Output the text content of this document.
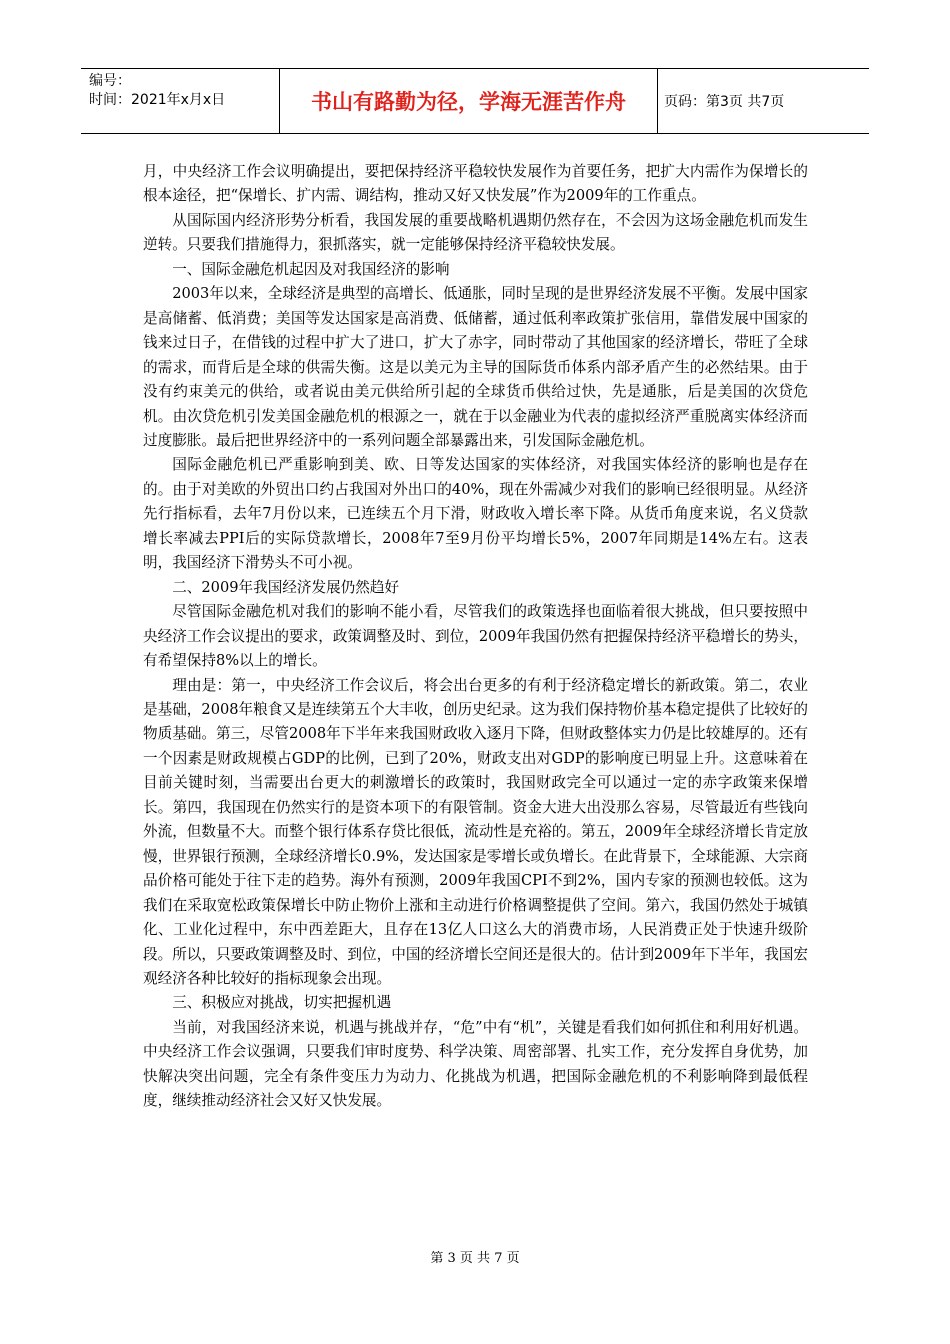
编号：
时间：2021年x月x日	书山有路勤为径，学海无涯苦作舟	页码：第3页 共7页

月，中央经济工作会议明确提出，要把保持经济平稳较快发展作为首要任务，把扩大内需作为保增长的根本途径，把“保增长、扩内需、调结构，推动又好又快发展”作为2009年的工作重点。

从国际国内经济形势分析看，我国发展的重要战略机遇期仍然存在，不会因为这场金融危机而发生逆转。只要我们措施得力，狠抓落实，就一定能够保持经济平稳较快发展。

一、国际金融危机起因及对我国经济的影响

2003年以来，全球经济是典型的高增长、低通胀，同时呈现的是世界经济发展不平衡。发展中国家是高储蓄、低消费；美国等发达国家是高消费、低储蓄，通过低利率政策扩张信用，靠借发展中国家的钱来过日子，在借钱的过程中扩大了进口，扩大了赤字，同时带动了其他国家的经济增长，带旺了全球的需求，而背后是全球的供需失衡。这是以美元为主导的国际货币体系内部矛盾产生的必然结果。由于没有约束美元的供给，或者说由美元供给所引起的全球货币供给过快，先是通胀，后是美国的次贷危机。由次贷危机引发美国金融危机的根源之一，就在于以金融业为代表的虚拟经济严重脱离实体经济而过度膨胀。最后把世界经济中的一系列问题全部暴露出来，引发国际金融危机。

国际金融危机已严重影响到美、欧、日等发达国家的实体经济，对我国实体经济的影响也是存在的。由于对美欧的外贸出口约占我国对外出口的40%，现在外需减少对我们的影响已经很明显。从经济先行指标看，去年7月份以来，已连续五个月下滑，财政收入增长率下降。从货币角度来说，名义贷款增长率减去PPI后的实际贷款增长，2008年7至9月份平均增长5%，2007年同期是14%左右。这表明，我国经济下滑势头不可小视。

二、2009年我国经济发展仍然趋好

尽管国际金融危机对我们的影响不能小看，尽管我们的政策选择也面临着很大挑战，但只要按照中央经济工作会议提出的要求，政策调整及时、到位，2009年我国仍然有把握保持经济平稳增长的势头，有希望保持8%以上的增长。

理由是：第一，中央经济工作会议后，将会出台更多的有利于经济稳定增长的新政策。第二，农业是基础，2008年粮食又是连续第五个大丰收，创历史纪录。这为我们保持物价基本稳定提供了比较好的物质基础。第三，尽管2008年下半年来我国财政收入逐月下降，但财政整体实力仍是比较雄厚的。还有一个因素是财政规模占GDP的比例，已到了20%，财政支出对GDP的影响度已明显上升。这意味着在目前关键时刻，当需要出台更大的刺激增长的政策时，我国财政完全可以通过一定的赤字政策来保增长。第四，我国现在仍然实行的是资本项下的有限管制。资金大进大出没那么容易，尽管最近有些钱向外流，但数量不大。而整个银行体系存贷比很低，流动性是充裕的。第五，2009年全球经济增长肯定放慢，世界银行预测，全球经济增长0.9%，发达国家是零增长或负增长。在此背景下，全球能源、大宗商品价格可能处于往下走的趋势。海外有预测，2009年我国CPI不到2%，国内专家的预测也较低。这为我们在采取宽松政策保增长中防止物价上涨和主动进行价格调整提供了空间。第六，我国仍然处于城镇化、工业化过程中，东中西差距大，且存在13亿人口这么大的消费市场，人民消费正处于快速升级阶段。所以，只要政策调整及时、到位，中国的经济增长空间还是很大的。估计到2009年下半年，我国宏观经济各种比较好的指标现象会出现。

三、积极应对挑战，切实把握机遇

当前，对我国经济来说，机遇与挑战并存，“危”中有“机”，关键是看我们如何抓住和利用好机遇。中央经济工作会议强调，只要我们审时度势、科学决策、周密部署、扎实工作，充分发挥自身优势，加快解决突出问题，完全有条件变压力为动力、化挑战为机遇，把国际金融危机的不利影响降到最低程度，继续推动经济社会又好又快发展。

第 3 页 共 7 页
